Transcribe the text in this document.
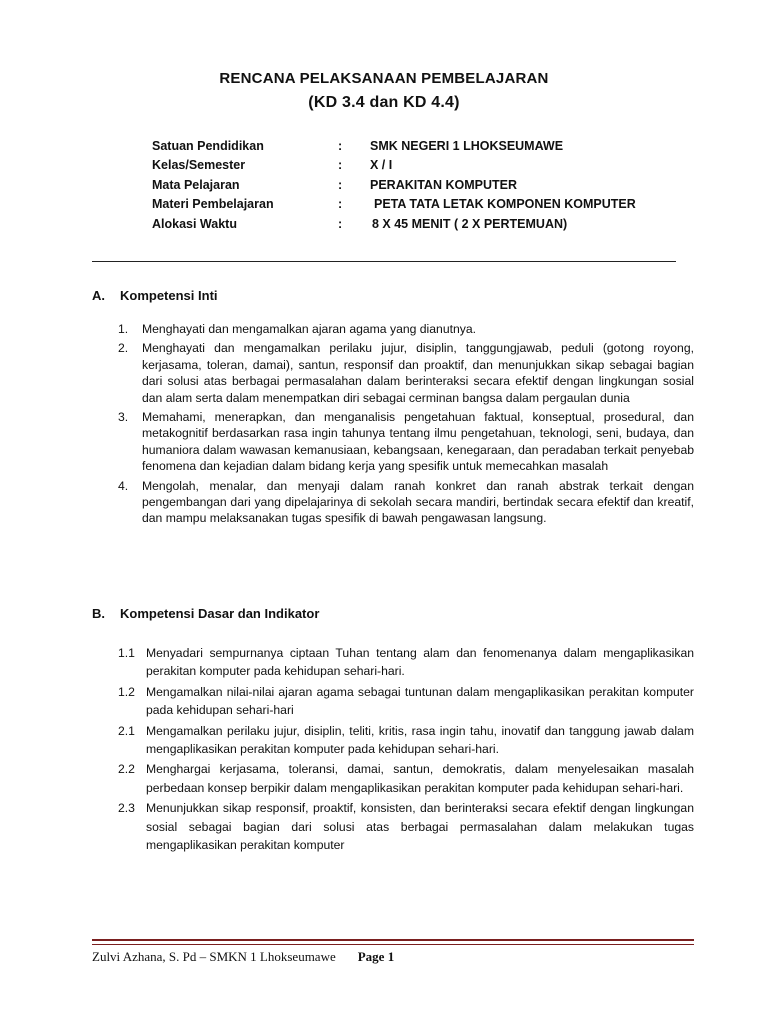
RENCANA PELAKSANAAN PEMBELAJARAN
(KD 3.4 dan KD 4.4)
Satuan Pendidikan	:	SMK NEGERI 1 LHOKSEUMAWE
Kelas/Semester	:	X / I
Mata Pelajaran	:	PERAKITAN KOMPUTER
Materi Pembelajaran	:	PETA TATA LETAK KOMPONEN KOMPUTER
Alokasi Waktu	:	8 X 45 MENIT ( 2 X PERTEMUAN)
A.	Kompetensi Inti
1.	Menghayati dan mengamalkan ajaran agama yang dianutnya.
2.	Menghayati dan mengamalkan perilaku jujur, disiplin, tanggungjawab, peduli (gotong royong, kerjasama, toleran, damai), santun, responsif dan proaktif, dan menunjukkan sikap sebagai bagian dari solusi atas berbagai permasalahan dalam berinteraksi secara efektif dengan lingkungan sosial dan alam serta dalam menempatkan diri sebagai cerminan bangsa dalam pergaulan dunia
3.	Memahami, menerapkan, dan menganalisis pengetahuan faktual, konseptual, prosedural, dan metakognitif berdasarkan rasa ingin tahunya tentang ilmu pengetahuan, teknologi, seni, budaya, dan humaniora dalam wawasan kemanusiaan, kebangsaan, kenegaraan, dan peradaban terkait penyebab fenomena dan kejadian dalam bidang kerja yang spesifik untuk memecahkan masalah
4.	Mengolah, menalar, dan menyaji dalam ranah konkret dan ranah abstrak terkait dengan pengembangan dari yang dipelajarinya di sekolah secara mandiri, bertindak secara efektif dan kreatif, dan mampu melaksanakan tugas spesifik di bawah pengawasan langsung.
B.	Kompetensi Dasar dan Indikator
1.1 Menyadari sempurnanya ciptaan Tuhan tentang alam dan fenomenanya dalam mengaplikasikan perakitan komputer pada kehidupan sehari-hari.
1.2 Mengamalkan nilai-nilai ajaran agama sebagai tuntunan dalam mengaplikasikan perakitan komputer pada kehidupan sehari-hari
2.1 Mengamalkan perilaku jujur, disiplin, teliti, kritis, rasa ingin tahu, inovatif dan tanggung jawab dalam mengaplikasikan perakitan komputer pada kehidupan sehari-hari.
2.2 Menghargai kerjasama, toleransi, damai, santun, demokratis, dalam menyelesaikan masalah perbedaan konsep berpikir dalam mengaplikasikan perakitan komputer pada kehidupan sehari-hari.
2.3 Menunjukkan sikap responsif, proaktif, konsisten, dan berinteraksi secara efektif dengan lingkungan sosial sebagai bagian dari solusi atas berbagai permasalahan dalam melakukan tugas mengaplikasikan perakitan komputer
Zulvi Azhana, S. Pd – SMKN 1 Lhokseumawe Page 1
